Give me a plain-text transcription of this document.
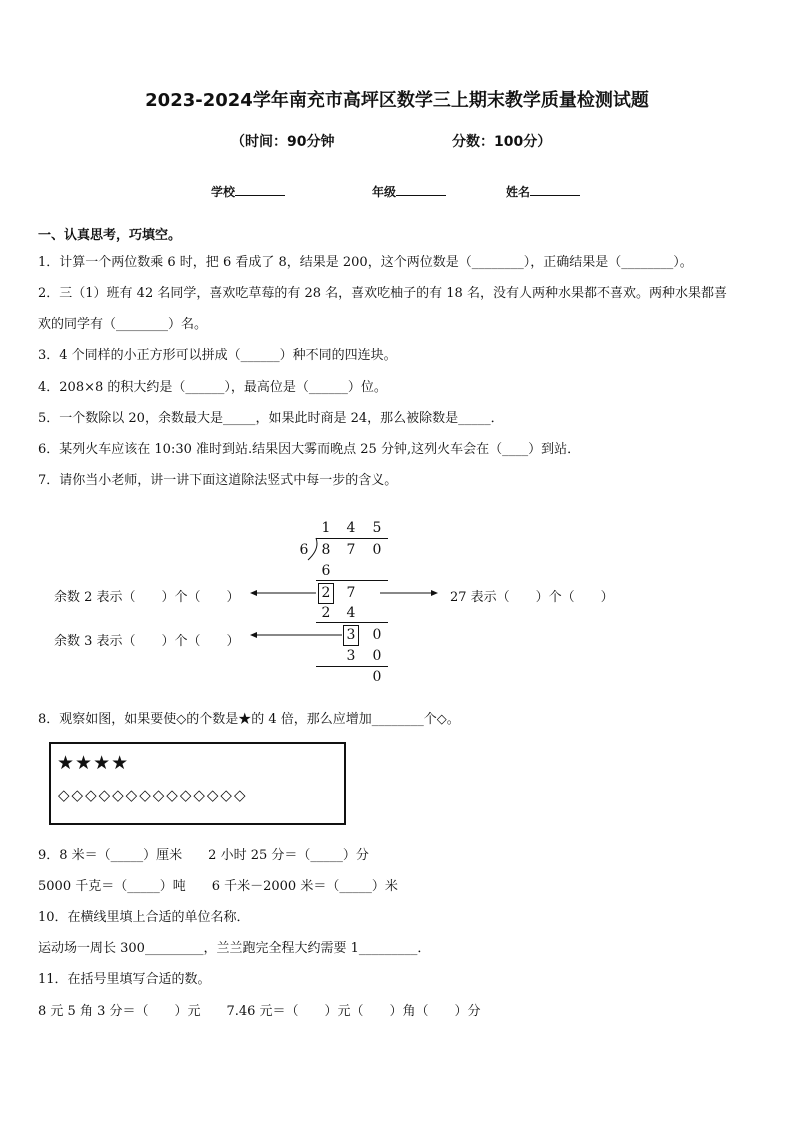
2023-2024学年南充市高坪区数学三上期末教学质量检测试题
（时间：90分钟	分数：100分）
学校	年级	姓名
一、认真思考，巧填空。
1．计算一个两位数乘 6 时，把 6 看成了 8，结果是 200，这个两位数是（________），正确结果是（________）。
2．三（1）班有 42 名同学，喜欢吃草莓的有 28 名，喜欢吃柚子的有 18 名，没有人两种水果都不喜欢。两种水果都喜
欢的同学有（________）名。
3．4 个同样的小正方形可以拼成（______）种不同的四连块。
4．208×8 的积大约是（______），最高位是（______）位。
5．一个数除以 20，余数最大是_____，如果此时商是 24，那么被除数是_____．
6．某列火车应该在 10:30 准时到站.结果因大雾而晚点 25 分钟,这列火车会在（____）到站．
7．请你当小老师，讲一讲下面这道除法竖式中每一步的含义。
1 4 5
6 8 7 0
6
2 7
2 4
3 0
3 0
0
余数 2 表示（　　）个（　　）	27 表示（　　）个（　　）
余数 3 表示（　　）个（　　）
8．观察如图，如果要使◇的个数是★的 4 倍，那么应增加________个◇。
★★★★
◇◇◇◇◇◇◇◇◇◇◇◇◇◇
9．8 米＝（_____）厘米　　2 小时 25 分＝（_____）分
5000 千克＝（_____）吨　　6 千米－2000 米＝（_____）米
10．在横线里填上合适的单位名称．
运动场一周长 300_________，兰兰跑完全程大约需要 1_________．
11．在括号里填写合适的数。
8 元 5 角 3 分＝（　　）元　　7.46 元＝（　　）元（　　）角（　　）分
